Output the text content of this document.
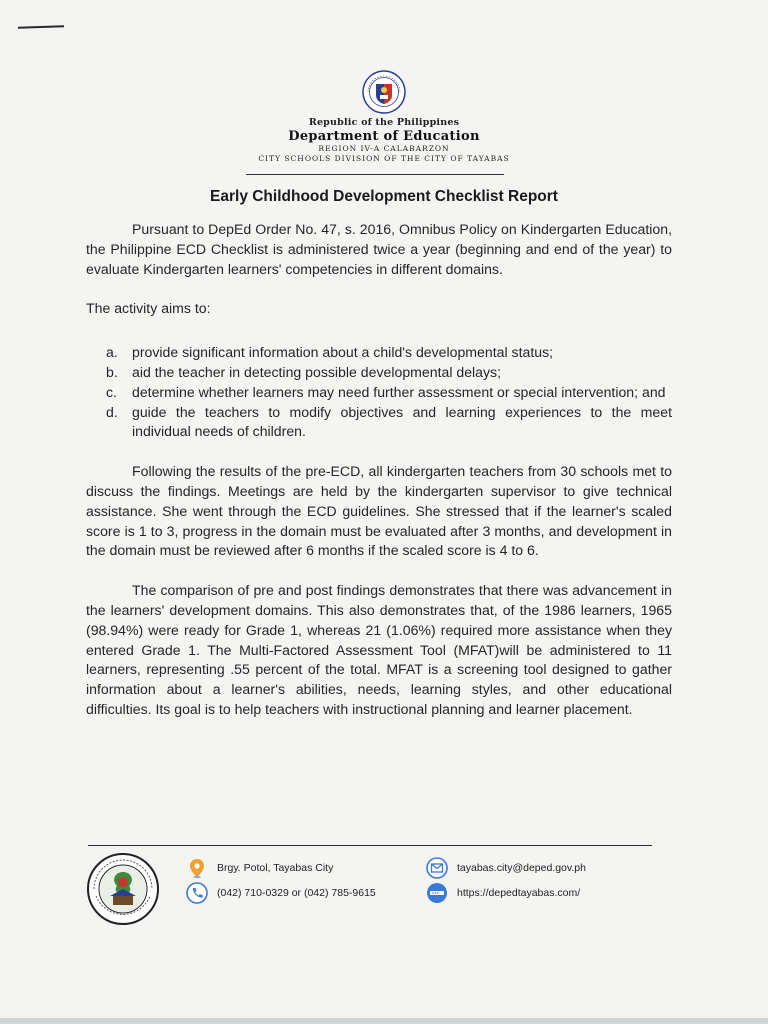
Republic of the Philippines
Department of Education
REGION IV-A CALABARZON
CITY SCHOOLS DIVISION OF THE CITY OF TAYABAS
Early Childhood Development Checklist Report

Pursuant to DepEd Order No. 47, s. 2016, Omnibus Policy on Kindergarten Education, the Philippine ECD Checklist is administered twice a year (beginning and end of the year) to evaluate Kindergarten learners' competencies in different domains.

The activity aims to:

a.	provide significant information about a child's developmental status;
b.	aid the teacher in detecting possible developmental delays;
c.	determine whether learners may need further assessment or special intervention; and
d.	guide the teachers to modify objectives and learning experiences to the meet individual needs of children.

Following the results of the pre-ECD, all kindergarten teachers from 30 schools met to discuss the findings. Meetings are held by the kindergarten supervisor to give technical assistance. She went through the ECD guidelines. She stressed that if the learner's scaled score is 1 to 3, progress in the domain must be evaluated after 3 months, and development in the domain must be reviewed after 6 months if the scaled score is 4 to 6.

The comparison of pre and post findings demonstrates that there was advancement in the learners' development domains. This also demonstrates that, of the 1986 learners, 1965 (98.94%) were ready for Grade 1, whereas 21 (1.06%) required more assistance when they entered Grade 1. The Multi-Factored Assessment Tool (MFAT)will be administered to 11 learners, representing .55 percent of the total. MFAT is a screening tool designed to gather information about a learner's abilities, needs, learning styles, and other educational difficulties. Its goal is to help teachers with instructional planning and learner placement.

Brgy. Potol, Tayabas City
(042) 710-0329 or (042) 785-9615
tayabas.city@deped.gov.ph
https://depedtayabas.com/
